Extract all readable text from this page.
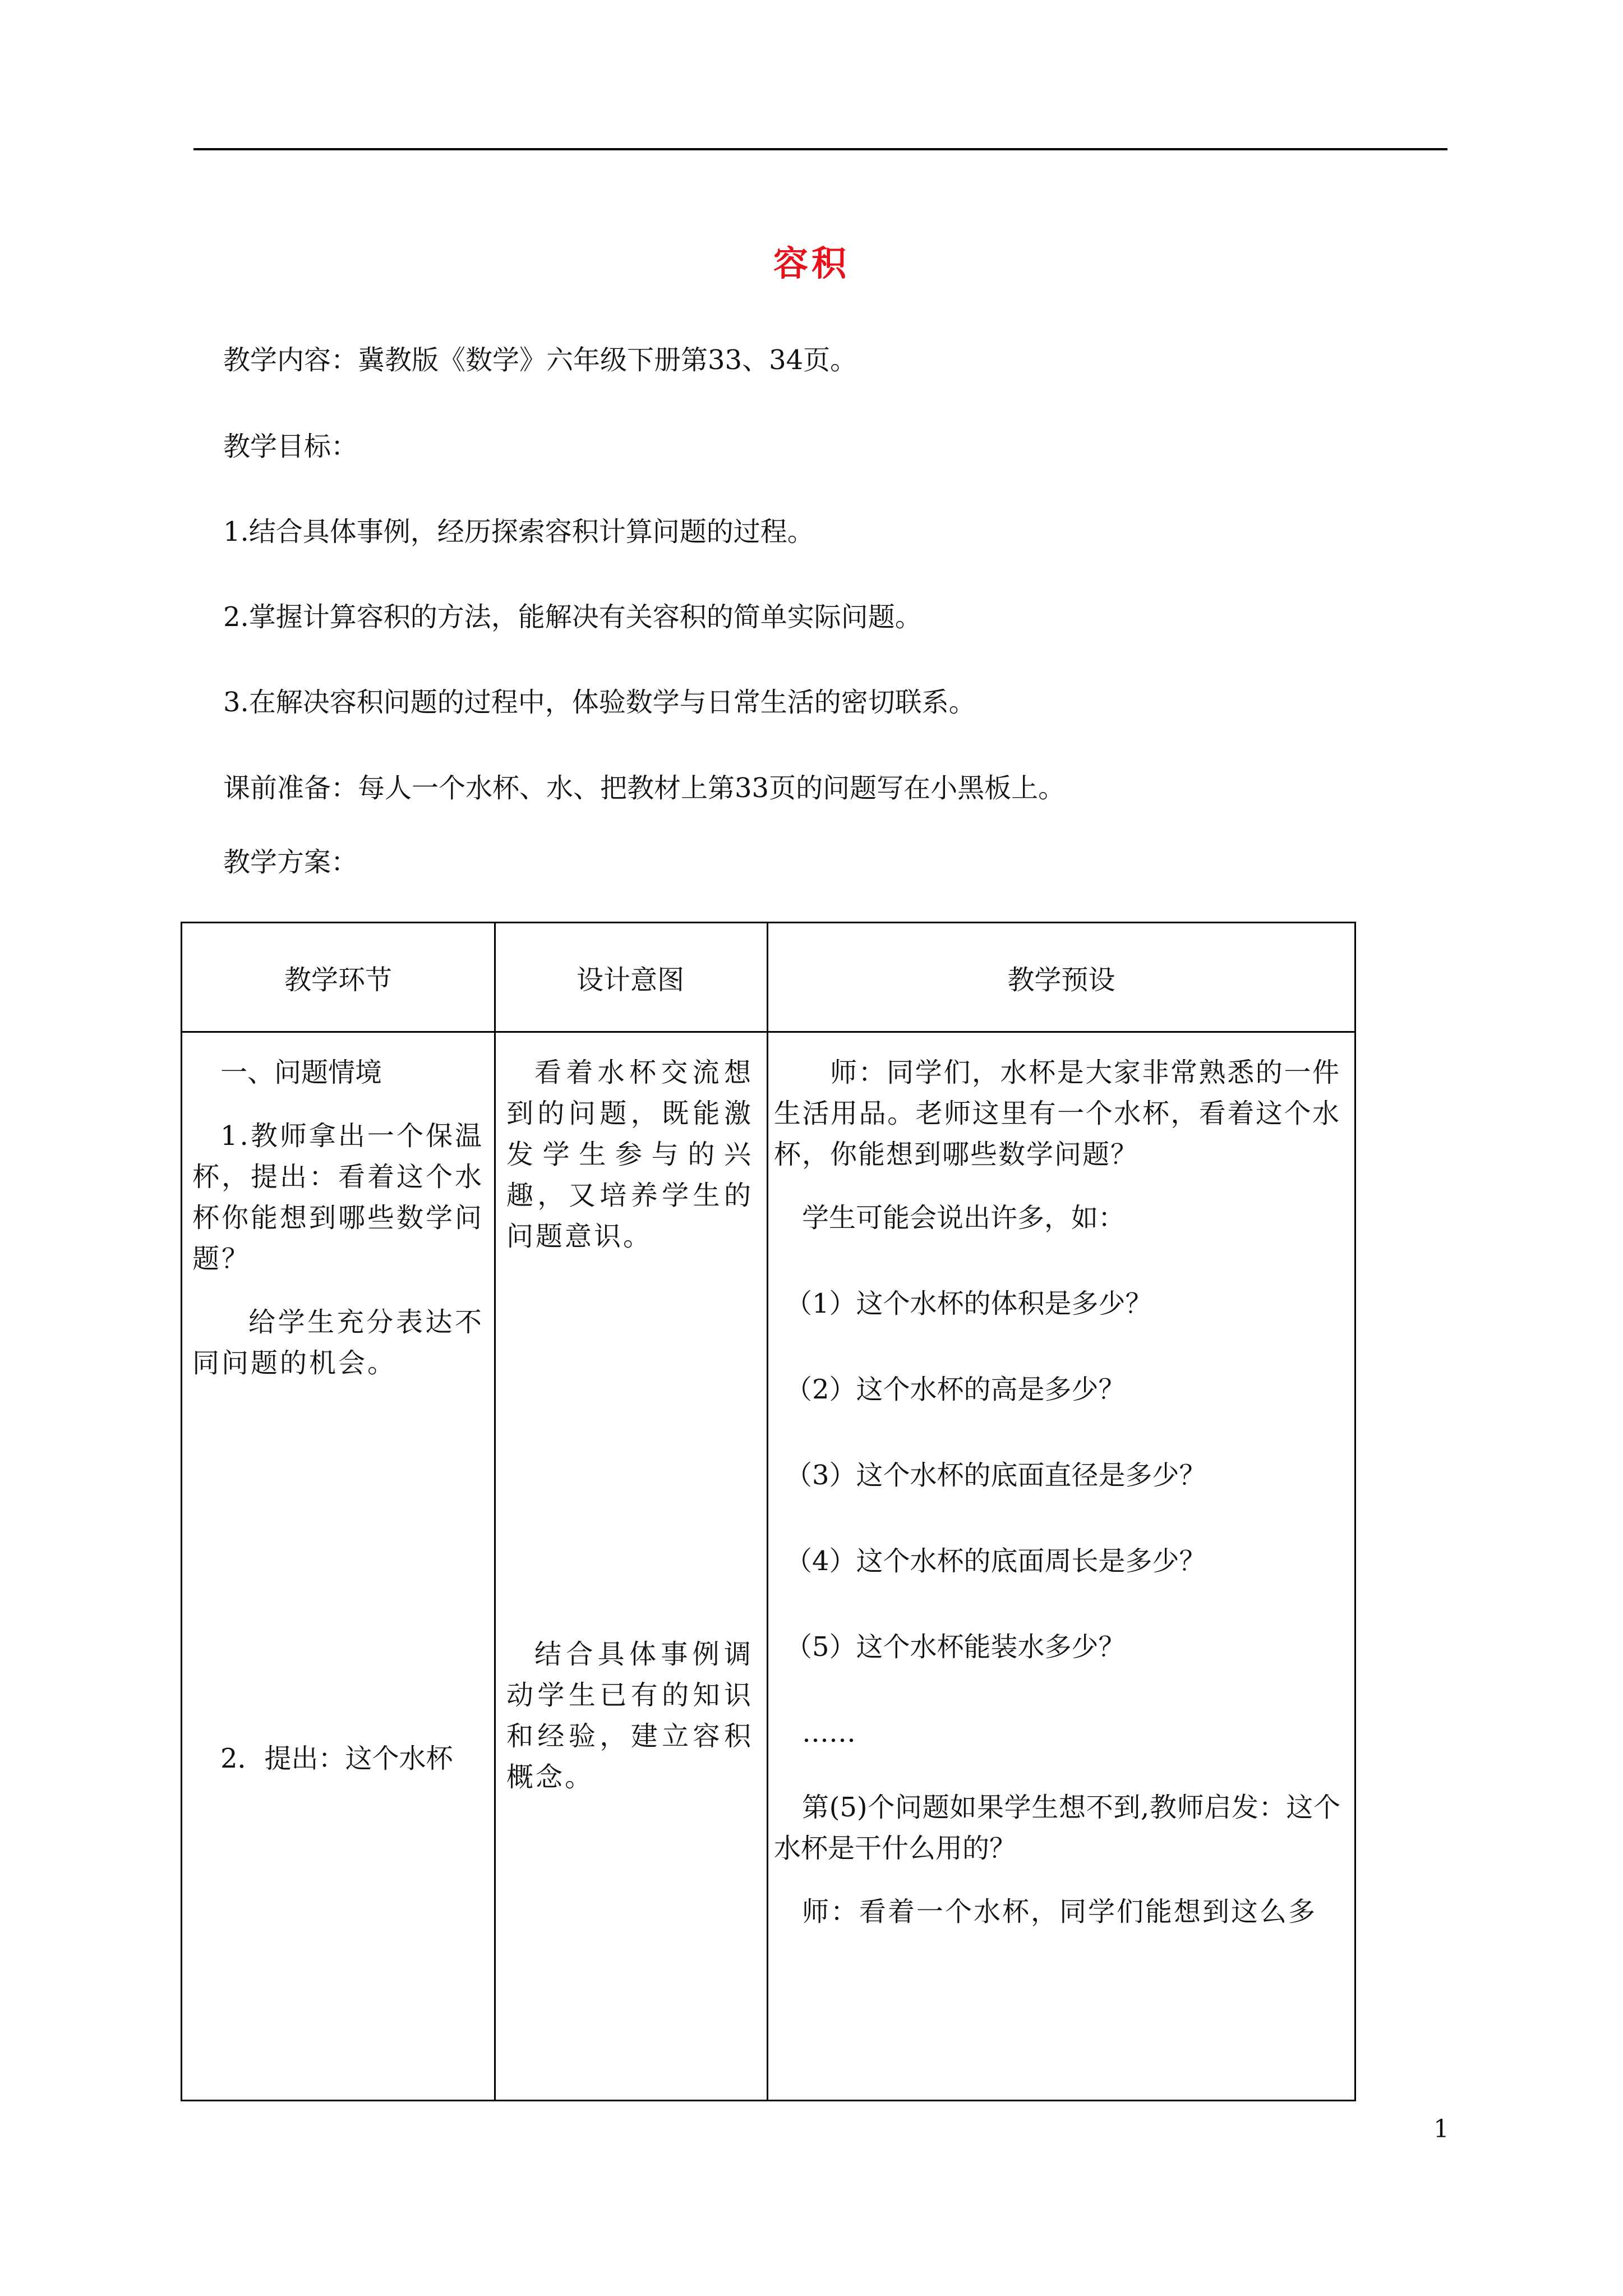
容积
教学内容：冀教版《数学》六年级下册第33、34页。
教学目标：
1.结合具体事例，经历探索容积计算问题的过程。
2.掌握计算容积的方法，能解决有关容积的简单实际问题。
3.在解决容积问题的过程中，体验数学与日常生活的密切联系。
课前准备：每人一个水杯、水、把教材上第33页的问题写在小黑板上。
教学方案：
教学环节	设计意图	教学预设

一、问题情境

1.教师拿出一个保温杯，提出：看着这个水杯你能想到哪些数学问题？

给学生充分表达不同问题的机会。

2．提出：这个水杯

看着水杯交流想到的问题，既能激发学生参与的兴趣，又培养学生的问题意识。

结合具体事例调动学生已有的知识和经验，建立容积概念。

师：同学们，水杯是大家非常熟悉的一件生活用品。老师这里有一个水杯，看着这个水杯，你能想到哪些数学问题？

学生可能会说出许多，如：

（1）这个水杯的体积是多少？

（2）这个水杯的高是多少？

（3）这个水杯的底面直径是多少？

（4）这个水杯的底面周长是多少？

（5）这个水杯能装水多少？

……

第(5)个问题如果学生想不到,教师启发：这个水杯是干什么用的？

师：看着一个水杯，同学们能想到这么多

1
